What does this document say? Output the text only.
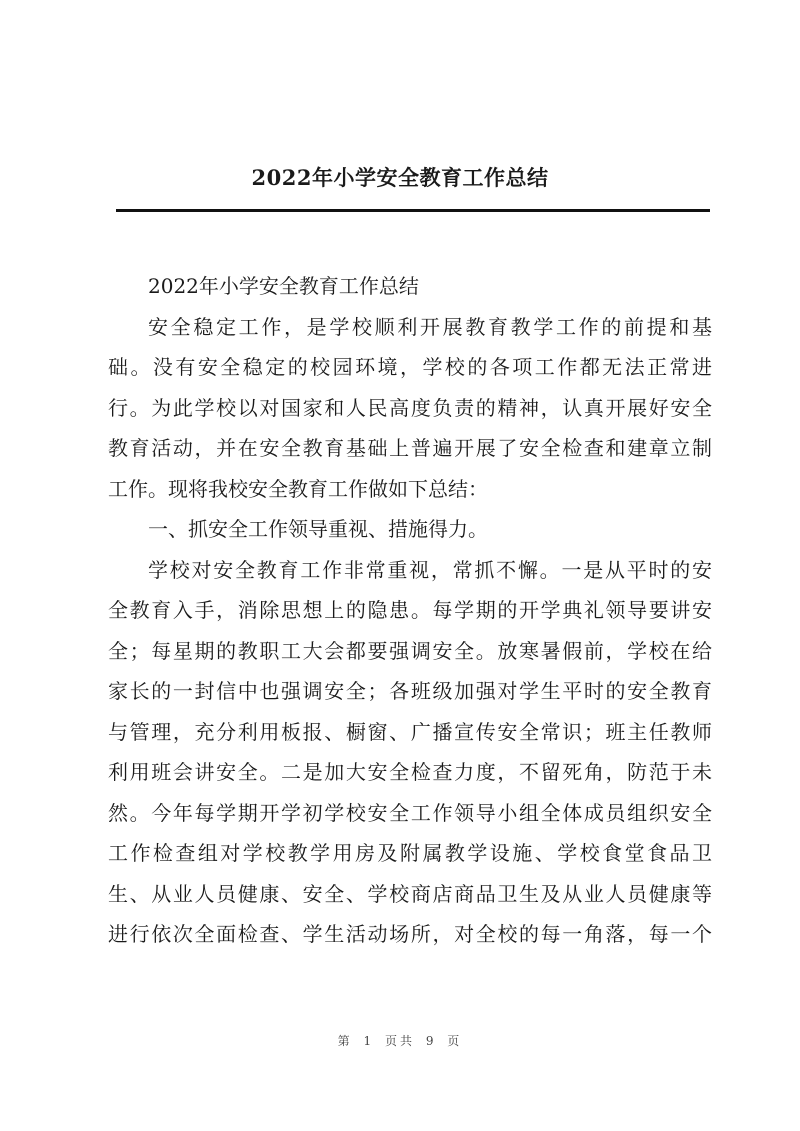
2022年小学安全教育工作总结
2022年小学安全教育工作总结
安全稳定工作，是学校顺利开展教育教学工作的前提和基
础。没有安全稳定的校园环境，学校的各项工作都无法正常进
行。为此学校以对国家和人民高度负责的精神，认真开展好安全
教育活动，并在安全教育基础上普遍开展了安全检查和建章立制
工作。现将我校安全教育工作做如下总结：
一、抓安全工作领导重视、措施得力。
学校对安全教育工作非常重视，常抓不懈。一是从平时的安
全教育入手，消除思想上的隐患。每学期的开学典礼领导要讲安
全；每星期的教职工大会都要强调安全。放寒暑假前，学校在给
家长的一封信中也强调安全；各班级加强对学生平时的安全教育
与管理，充分利用板报、橱窗、广播宣传安全常识；班主任教师
利用班会讲安全。二是加大安全检查力度，不留死角，防范于未
然。今年每学期开学初学校安全工作领导小组全体成员组织安全
工作检查组对学校教学用房及附属教学设施、学校食堂食品卫
生、从业人员健康、安全、学校商店商品卫生及从业人员健康等
进行依次全面检查、学生活动场所，对全校的每一角落，每一个
第 1 页共 9 页
